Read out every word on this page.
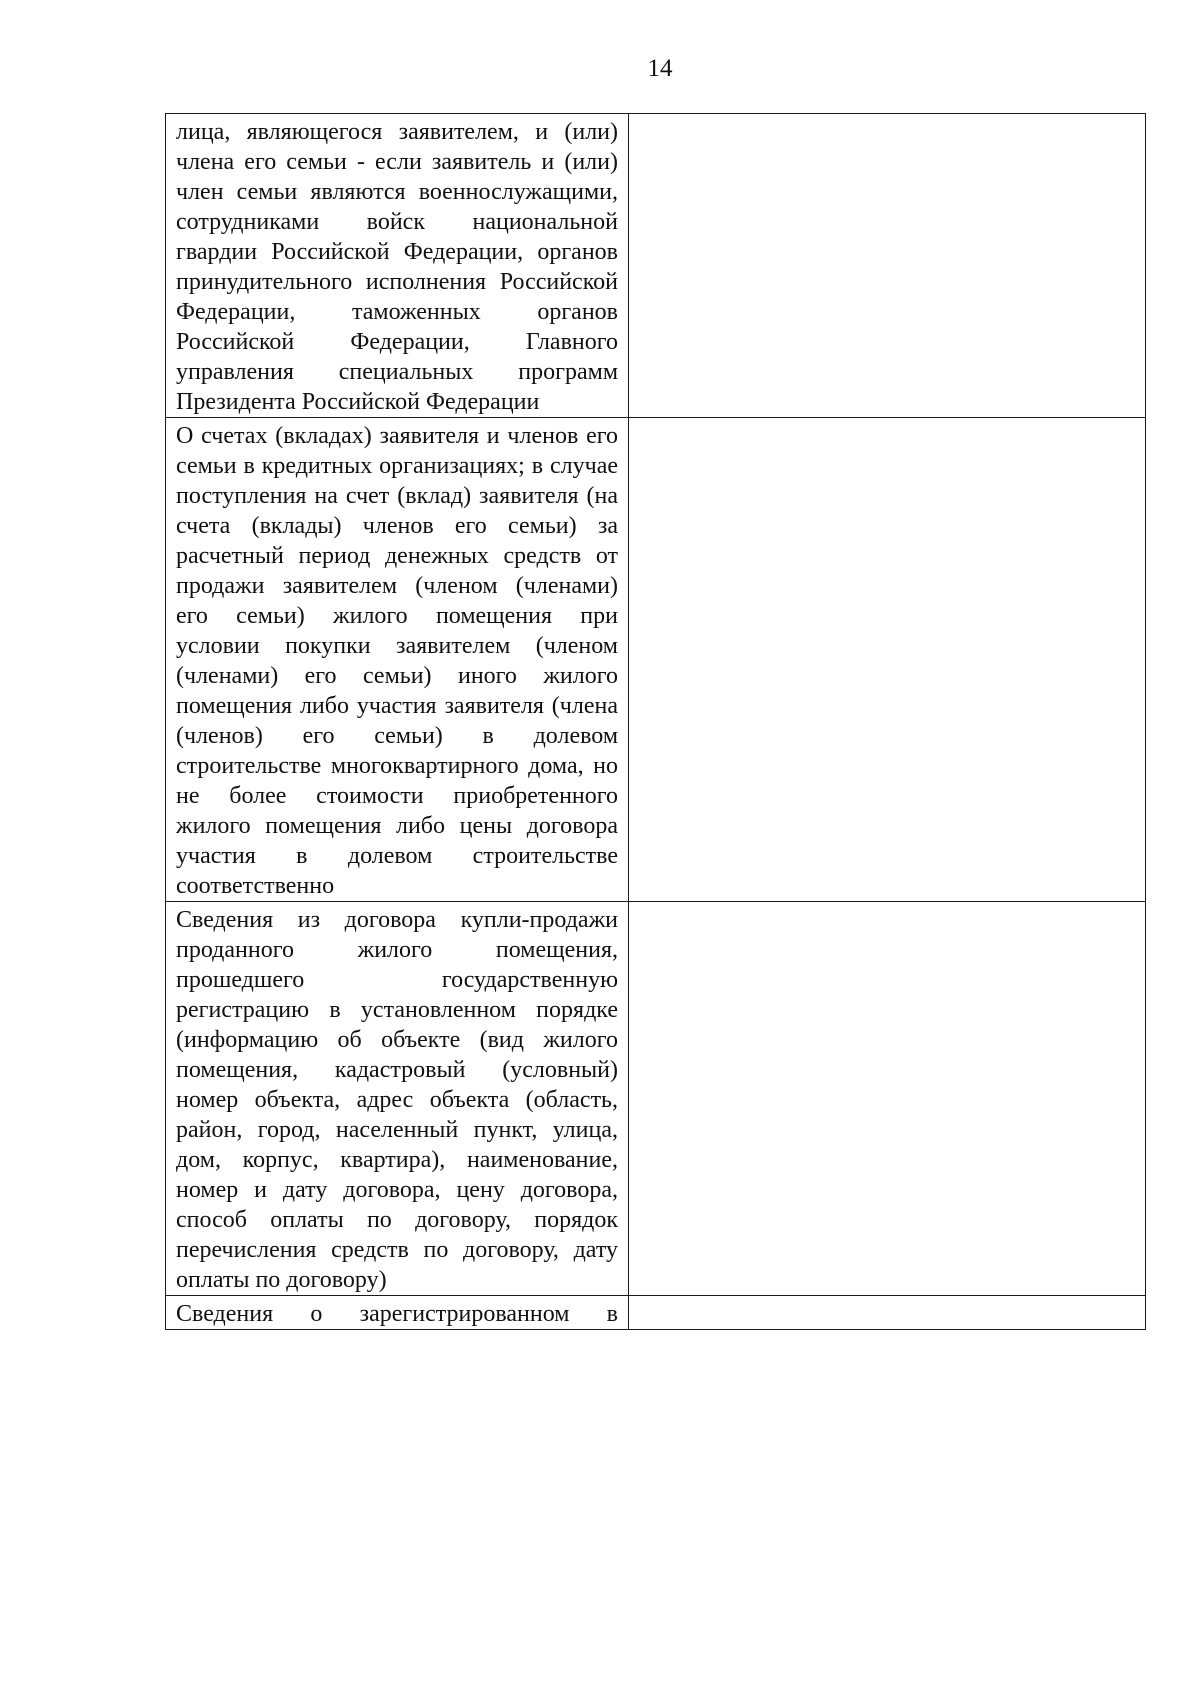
14
лица, являющегося заявителем, и (или) члена его семьи - если заявитель и (или) член семьи являются военнослужащими, сотрудниками войск национальной гвардии Российской Федерации, органов принудительного исполнения Российской Федерации, таможенных органов Российской Федерации, Главного управления специальных программ Президента Российской Федерации	

О счетах (вкладах) заявителя и членов его семьи в кредитных организациях; в случае поступления на счет (вклад) заявителя (на счета (вклады) членов его семьи) за расчетный период денежных средств от продажи заявителем (членом (членами) его семьи) жилого помещения при условии покупки заявителем (членом (членами) его семьи) иного жилого помещения либо участия заявителя (члена (членов) его семьи) в долевом строительстве многоквартирного дома, но не более стоимости приобретенного жилого помещения либо цены договора участия в долевом строительстве соответственно	

Сведения из договора купли-продажи проданного жилого помещения, прошедшего государственную регистрацию в установленном порядке (информацию об объекте (вид жилого помещения, кадастровый (условный) номер объекта, адрес объекта (область, район, город, населенный пункт, улица, дом, корпус, квартира), наименование, номер и дату договора, цену договора, способ оплаты по договору, порядок перечисления средств по договору, дату оплаты по договору)	

Сведения о зарегистрированном в	
